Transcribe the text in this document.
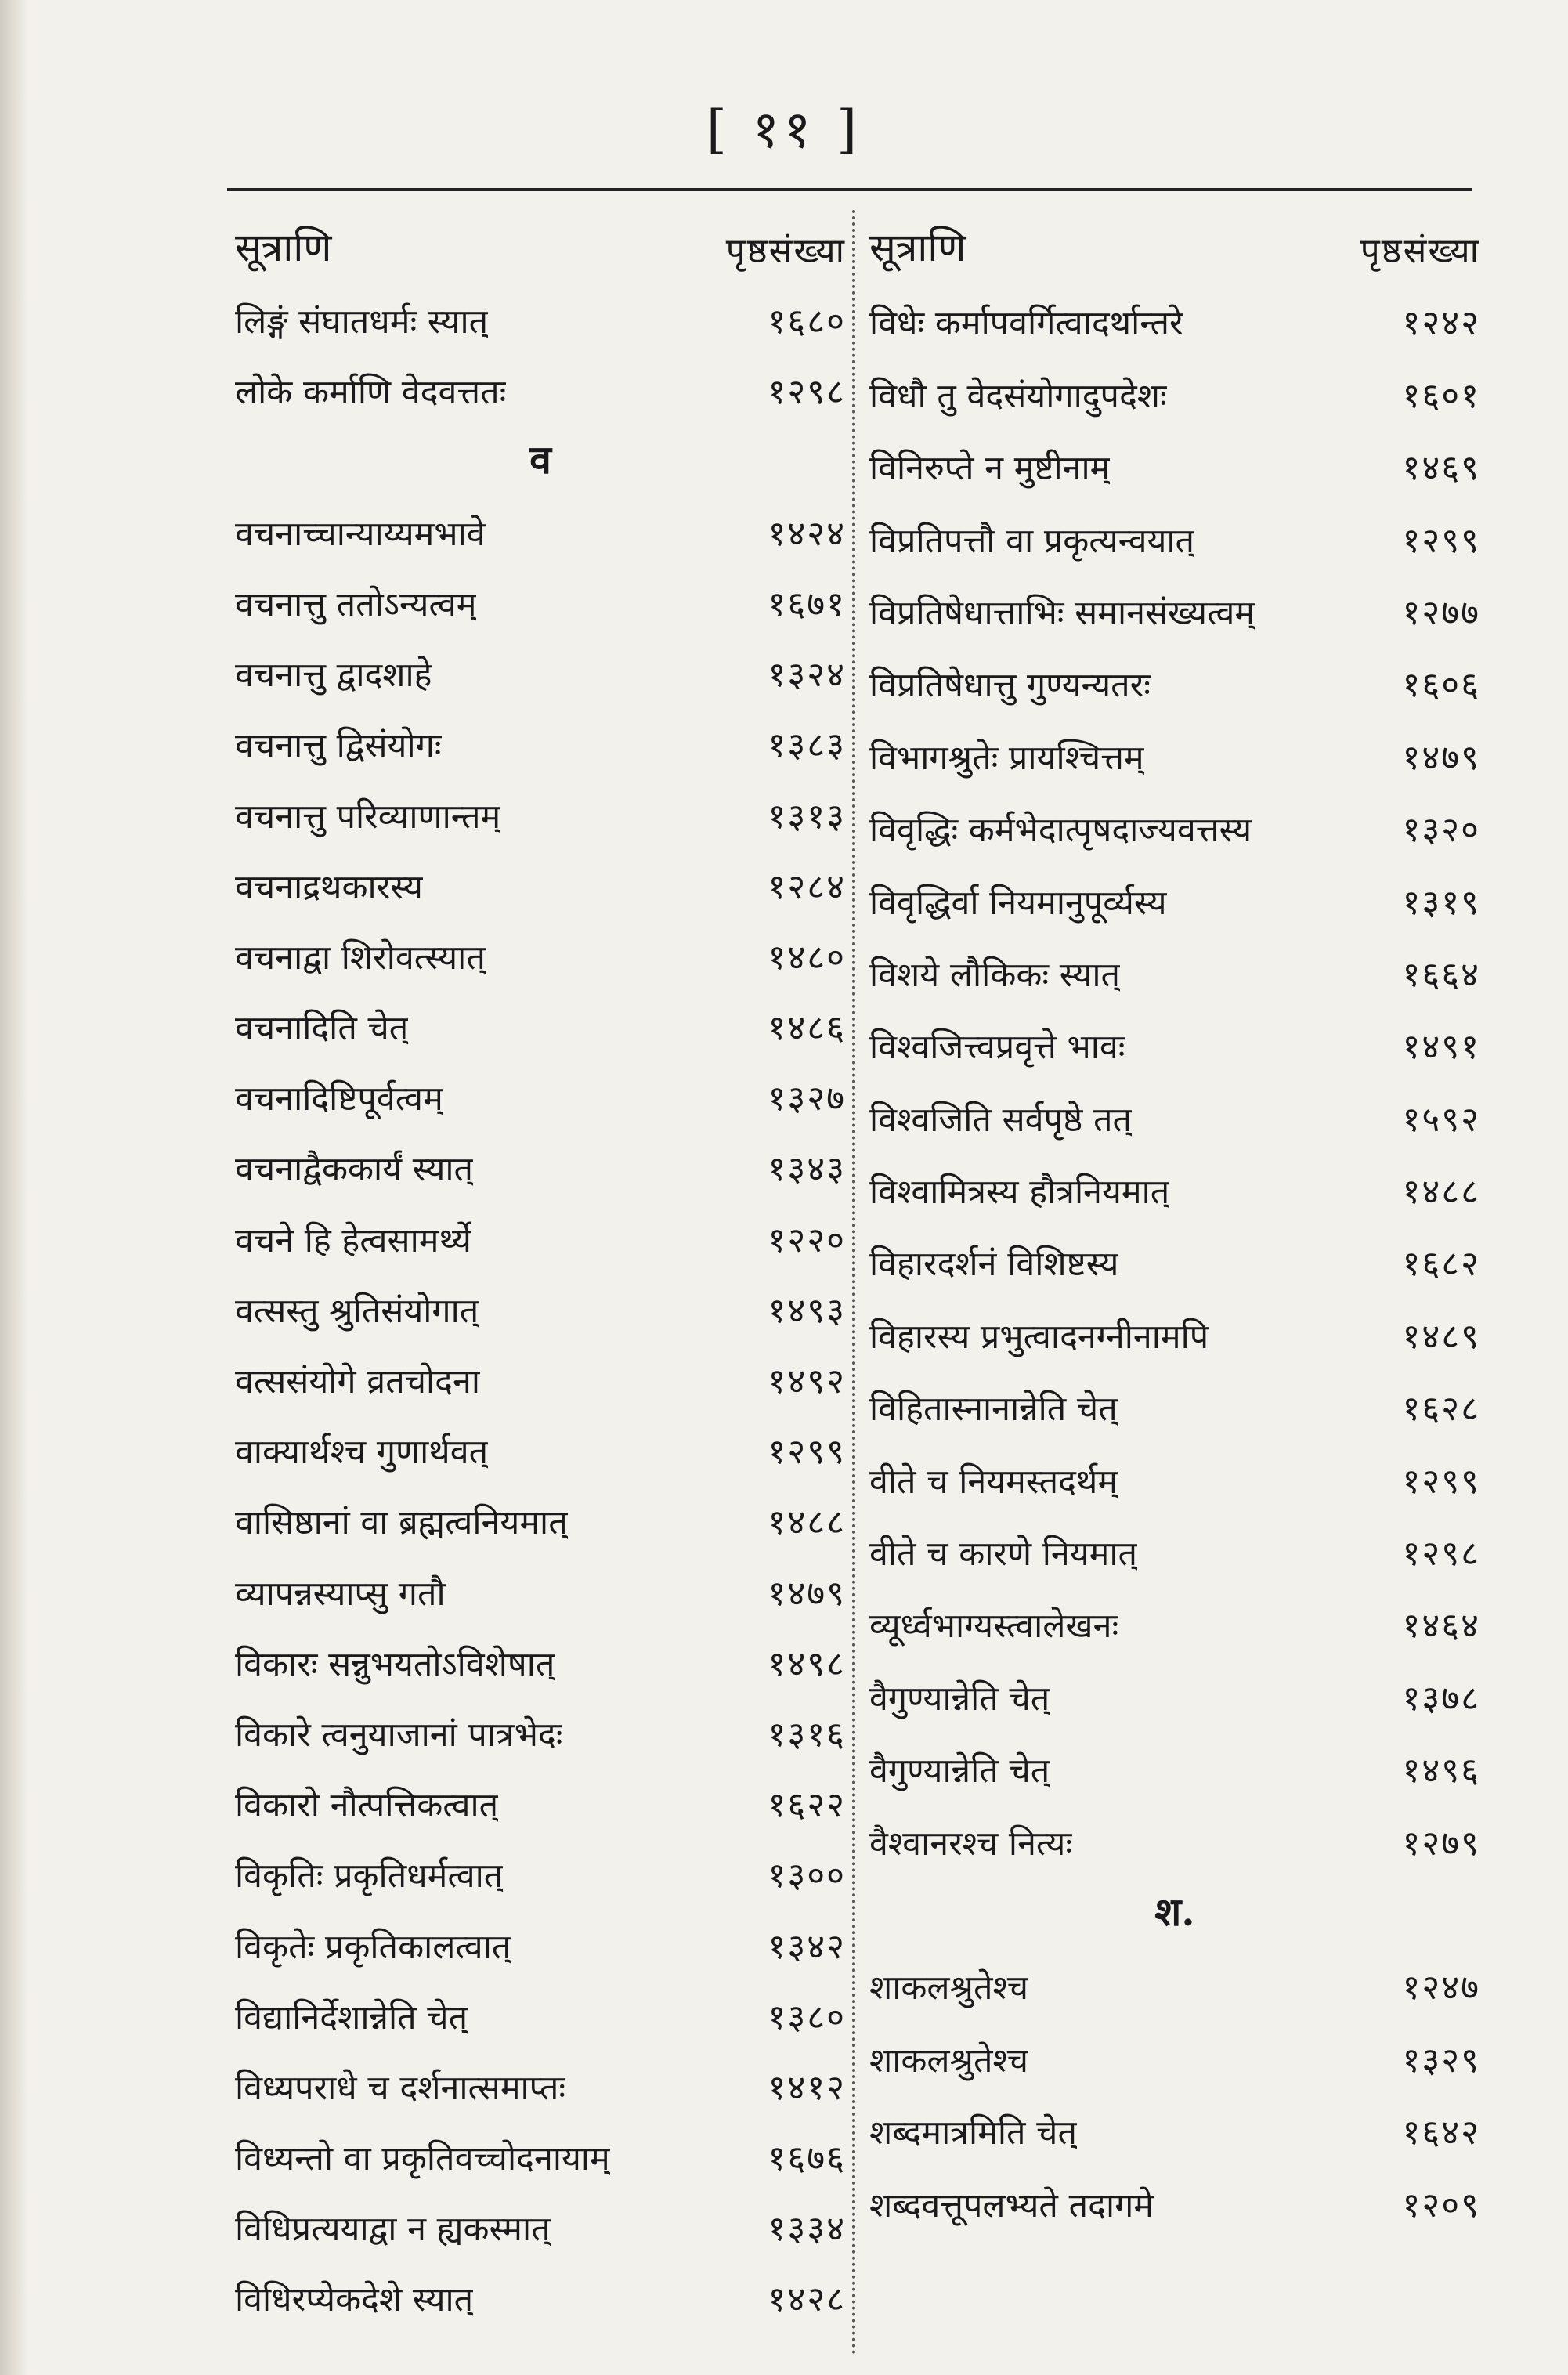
[ ११ ]
सूत्राणि	पृष्ठसंख्या
लिङ्गं संघातधर्मः स्यात्	१६८०
लोके कर्माणि वेदवत्ततः	१२९८
व
वचनाच्चान्याय्यमभावे	१४२४
वचनात्तु ततोऽन्यत्वम्	१६७१
वचनात्तु द्वादशाहे	१३२४
वचनात्तु द्विसंयोगः	१३८३
वचनात्तु परिव्याणान्तम्	१३१३
वचनाद्रथकारस्य	१२८४
वचनाद्वा शिरोवत्स्यात्	१४८०
वचनादिति चेत्	१४८६
वचनादिष्टिपूर्वत्वम्	१३२७
वचनाद्वैककार्यं स्यात्	१३४३
वचने हि हेत्वसामर्थ्ये	१२२०
वत्सस्तु श्रुतिसंयोगात्	१४९३
वत्ससंयोगे व्रतचोदना	१४९२
वाक्यार्थश्च गुणार्थवत्	१२९९
वासिष्ठानां वा ब्रह्मत्वनियमात्	१४८८
व्यापन्नस्याप्सु गतौ	१४७९
विकारः सन्नुभयतोऽविशेषात्	१४९८
विकारे त्वनुयाजानां पात्रभेदः	१३१६
विकारो नौत्पत्तिकत्वात्	१६२२
विकृतिः प्रकृतिधर्मत्वात्	१३००
विकृतेः प्रकृतिकालत्वात्	१३४२
विद्यानिर्देशान्नेति चेत्	१३८०
विध्यपराधे च दर्शनात्समाप्तः	१४१२
विध्यन्तो वा प्रकृतिवच्चोदनायाम्	१६७६
विधिप्रत्ययाद्वा न ह्यकस्मात्	१३३४
विधिरप्येकदेशे स्यात्	१४२८
सूत्राणि	पृष्ठसंख्या
विधेः कर्मापवर्गित्वादर्थान्तरे	१२४२
विधौ तु वेदसंयोगादुपदेशः	१६०१
विनिरुप्ते न मुष्टीनाम्	१४६९
विप्रतिपत्तौ वा प्रकृत्यन्वयात्	१२९९
विप्रतिषेधात्ताभिः समानसंख्यत्वम्	१२७७
विप्रतिषेधात्तु गुण्यन्यतरः	१६०६
विभागश्रुतेः प्रायश्चित्तम्	१४७९
विवृद्धिः कर्मभेदात्पृषदाज्यवत्तस्य	१३२०
विवृद्धिर्वा नियमानुपूर्व्यस्य	१३१९
विशये लौकिकः स्यात्	१६६४
विश्वजित्त्वप्रवृत्ते भावः	१४९१
विश्वजिति सर्वपृष्ठे तत्	१५९२
विश्वामित्रस्य हौत्रनियमात्	१४८८
विहारदर्शनं विशिष्टस्य	१६८२
विहारस्य प्रभुत्वादनग्नीनामपि	१४८९
विहितास्नानान्नेति चेत्	१६२८
वीते च नियमस्तदर्थम्	१२९९
वीते च कारणे नियमात्	१२९८
व्यूर्ध्वभाग्यस्त्वालेखनः	१४६४
वैगुण्यान्नेति चेत्	१३७८
वैगुण्यान्नेति चेत्	१४९६
वैश्वानरश्च नित्यः	१२७९
श.
शाकलश्रुतेश्च	१२४७
शाकलश्रुतेश्च	१३२९
शब्दमात्रमिति चेत्	१६४२
शब्दवत्तूपलभ्यते तदागमे	१२०९
